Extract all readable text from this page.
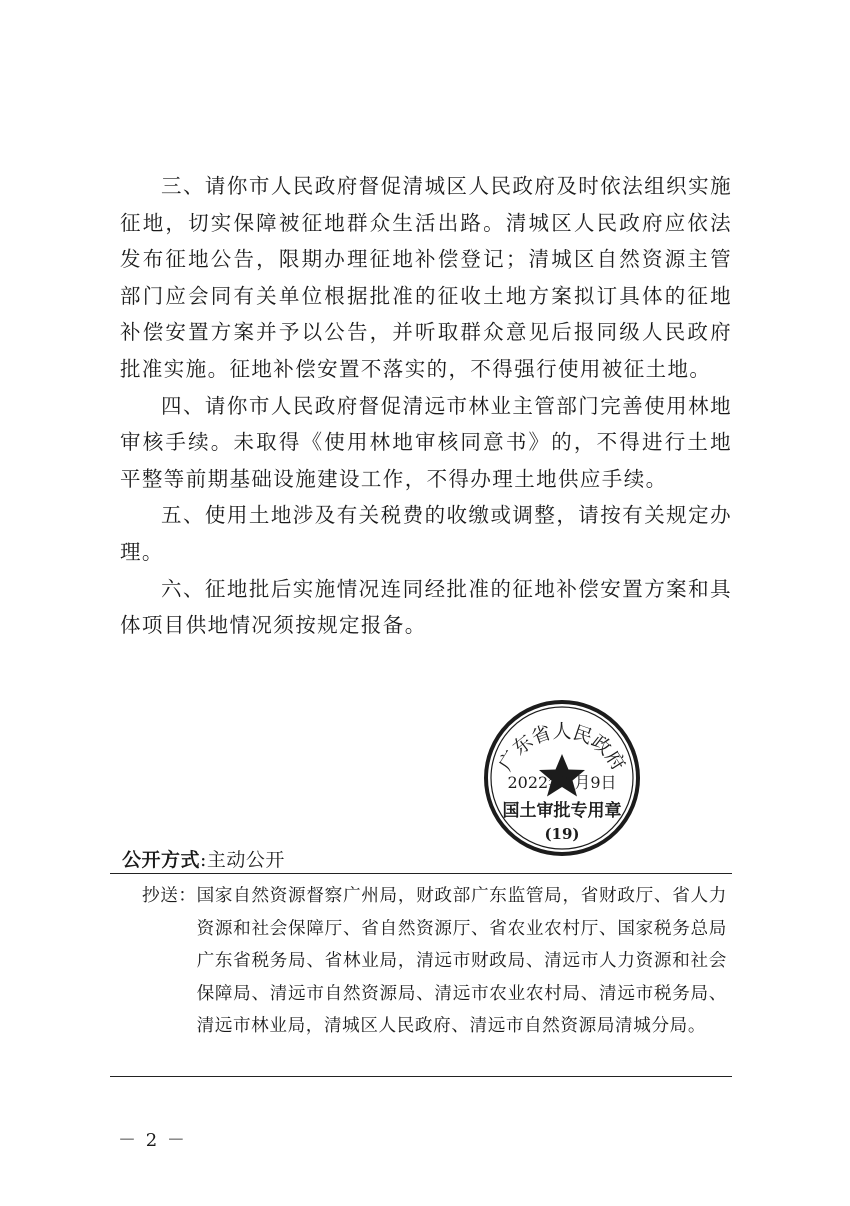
三、请你市人民政府督促清城区人民政府及时依法组织实施征地，切实保障被征地群众生活出路。清城区人民政府应依法发布征地公告，限期办理征地补偿登记；清城区自然资源主管部门应会同有关单位根据批准的征收土地方案拟订具体的征地补偿安置方案并予以公告，并听取群众意见后报同级人民政府批准实施。征地补偿安置不落实的，不得强行使用被征土地。

四、请你市人民政府督促清远市林业主管部门完善使用林地审核手续。未取得《使用林地审核同意书》的，不得进行土地平整等前期基础设施建设工作，不得办理土地供应手续。

五、使用土地涉及有关税费的收缴或调整，请按有关规定办理。

六、征地批后实施情况连同经批准的征地补偿安置方案和具体项目供地情况须按规定报备。

广东省人民政府
2022年1月9日
国土审批专用章
(19)
公开方式:主动公开
抄送： 国家自然资源督察广州局，财政部广东监管局，省财政厅、省人力资源和社会保障厅、省自然资源厅、省农业农村厅、国家税务总局广东省税务局、省林业局，清远市财政局、清远市人力资源和社会保障局、清远市自然资源局、清远市农业农村局、清远市税务局、清远市林业局，清城区人民政府、清远市自然资源局清城分局。
－ 2 －
